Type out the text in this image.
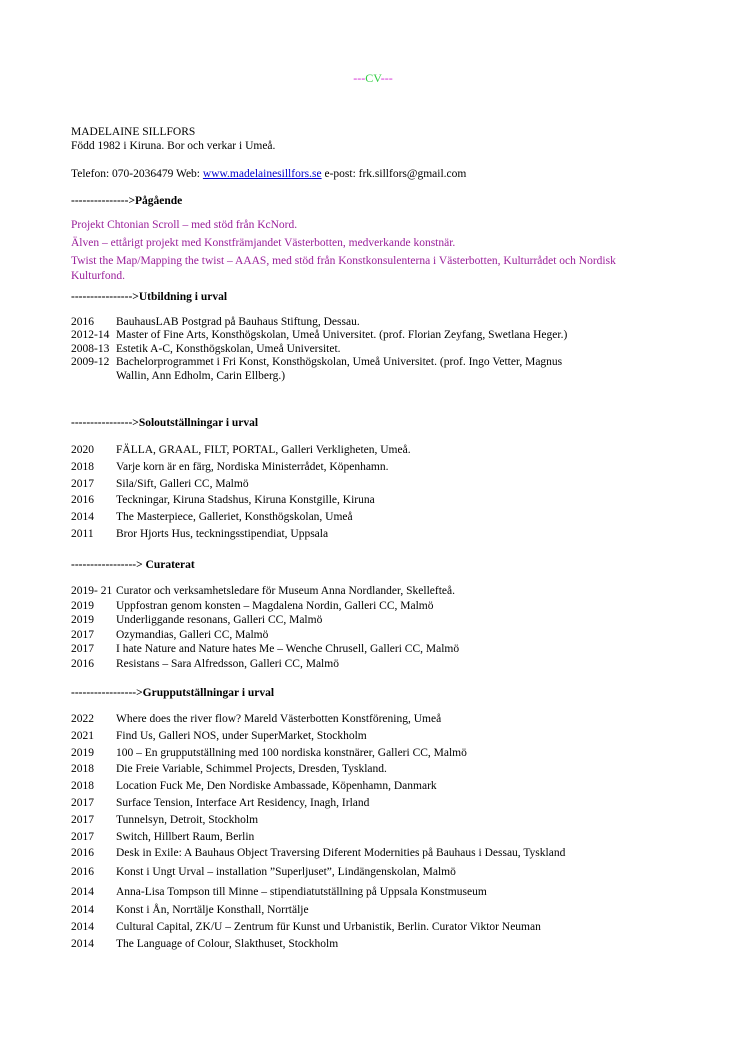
---CV---
MADELAINE SILLFORS
Född 1982 i Kiruna. Bor och verkar i Umeå.
Telefon: 070-2036479 Web: www.madelainesillfors.se e-post: frk.sillfors@gmail.com
--------------->Pågående
Projekt Chtonian Scroll – med stöd från KcNord.
Älven – ettårigt projekt med Konstfrämjandet Västerbotten, medverkande konstnär.
Twist the Map/Mapping the twist – AAAS, med stöd från Konstkonsulenterna i Västerbotten, Kulturrådet och Nordisk Kulturfond.
---------------->Utbildning i urval
2016	BauhausLAB Postgrad på Bauhaus Stiftung, Dessau.
2012-14 Master of Fine Arts, Konsthögskolan, Umeå Universitet. (prof. Florian Zeyfang, Swetlana Heger.)
2008-13 Estetik A-C, Konsthögskolan, Umeå Universitet.
2009-12 Bachelorprogrammet i Fri Konst, Konsthögskolan, Umeå Universitet. (prof. Ingo Vetter, Magnus Wallin, Ann Edholm, Carin Ellberg.)
---------------->Soloutställningar i urval
2020	FÄLLA, GRAAL, FILT, PORTAL, Galleri Verkligheten, Umeå.
2018	Varje korn är en färg, Nordiska Ministerrådet, Köpenhamn.
2017	Sila/Sift, Galleri CC, Malmö
2016	Teckningar, Kiruna Stadshus, Kiruna Konstgille, Kiruna
2014	The Masterpiece, Galleriet, Konsthögskolan, Umeå
2011	Bror Hjorts Hus, teckningsstipendiat, Uppsala
-----------------> Curaterat
2019- 21 Curator och verksamhetsledare för Museum Anna Nordlander, Skellefteå.
2019	Uppfostran genom konsten – Magdalena Nordin, Galleri CC, Malmö
2019	Underliggande resonans, Galleri CC, Malmö
2017	Ozymandias, Galleri CC, Malmö
2017	I hate Nature and Nature hates Me – Wenche Chrusell, Galleri CC, Malmö
2016	Resistans – Sara Alfredsson, Galleri CC, Malmö
----------------->Grupputställningar i urval
2022	Where does the river flow? Mareld Västerbotten Konstförening, Umeå
2021	Find Us, Galleri NOS, under SuperMarket, Stockholm
2019	100 – En grupputställning med 100 nordiska konstnärer, Galleri CC, Malmö
2018	Die Freie Variable, Schimmel Projects, Dresden, Tyskland.
2018	Location Fuck Me, Den Nordiske Ambassade, Köpenhamn, Danmark
2017	Surface Tension, Interface Art Residency, Inagh, Irland
2017	Tunnelsyn, Detroit, Stockholm
2017	Switch, Hillbert Raum, Berlin
2016	Desk in Exile: A Bauhaus Object Traversing Diferent Modernities på Bauhaus i Dessau, Tyskland
2016	Konst i Ungt Urval – installation ”Superljuset”, Lindängenskolan, Malmö
2014	Anna-Lisa Tompson till Minne – stipendiatutställning på Uppsala Konstmuseum
2014	Konst i Ån, Norrtälje Konsthall, Norrtälje
2014	Cultural Capital, ZK/U – Zentrum für Kunst und Urbanistik, Berlin. Curator Viktor Neuman
2014	The Language of Colour, Slakthuset, Stockholm
